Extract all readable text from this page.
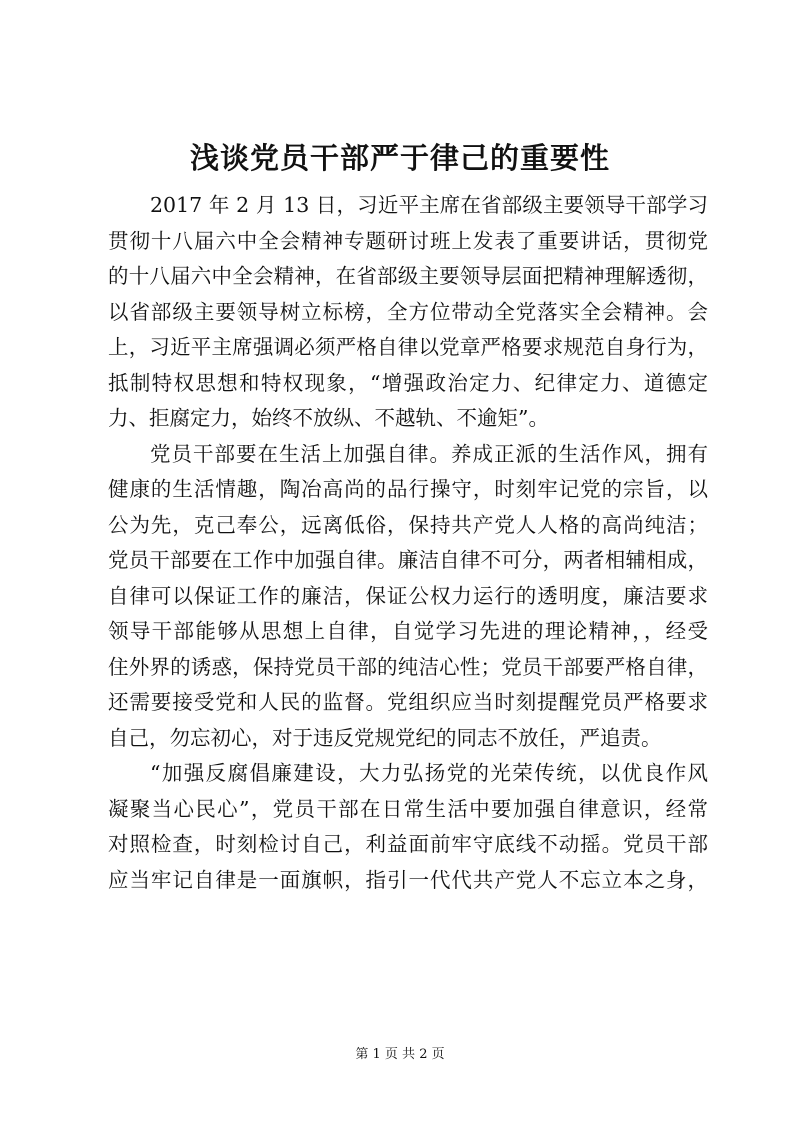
浅谈党员干部严于律己的重要性
2017 年 2 月 13 日，习近平主席在省部级主要领导干部学习
贯彻十八届六中全会精神专题研讨班上发表了重要讲话，贯彻党
的十八届六中全会精神，在省部级主要领导层面把精神理解透彻，
以省部级主要领导树立标榜，全方位带动全党落实全会精神。会
上，习近平主席强调必须严格自律以党章严格要求规范自身行为，
抵制特权思想和特权现象，“增强政治定力、纪律定力、道德定
力、拒腐定力，始终不放纵、不越轨、不逾矩”。
党员干部要在生活上加强自律。养成正派的生活作风，拥有
健康的生活情趣，陶冶高尚的品行操守，时刻牢记党的宗旨，以
公为先，克己奉公，远离低俗，保持共产党人人格的高尚纯洁；
党员干部要在工作中加强自律。廉洁自律不可分，两者相辅相成，
自律可以保证工作的廉洁，保证公权力运行的透明度，廉洁要求
领导干部能够从思想上自律，自觉学习先进的理论精神，，经受
住外界的诱惑，保持党员干部的纯洁心性；党员干部要严格自律，
还需要接受党和人民的监督。党组织应当时刻提醒党员严格要求
自己，勿忘初心，对于违反党规党纪的同志不放任，严追责。
“加强反腐倡廉建设，大力弘扬党的光荣传统，以优良作风
凝聚当心民心”，党员干部在日常生活中要加强自律意识，经常
对照检查，时刻检讨自己，利益面前牢守底线不动摇。党员干部
应当牢记自律是一面旗帜，指引一代代共产党人不忘立本之身，
第 1 页 共 2 页
